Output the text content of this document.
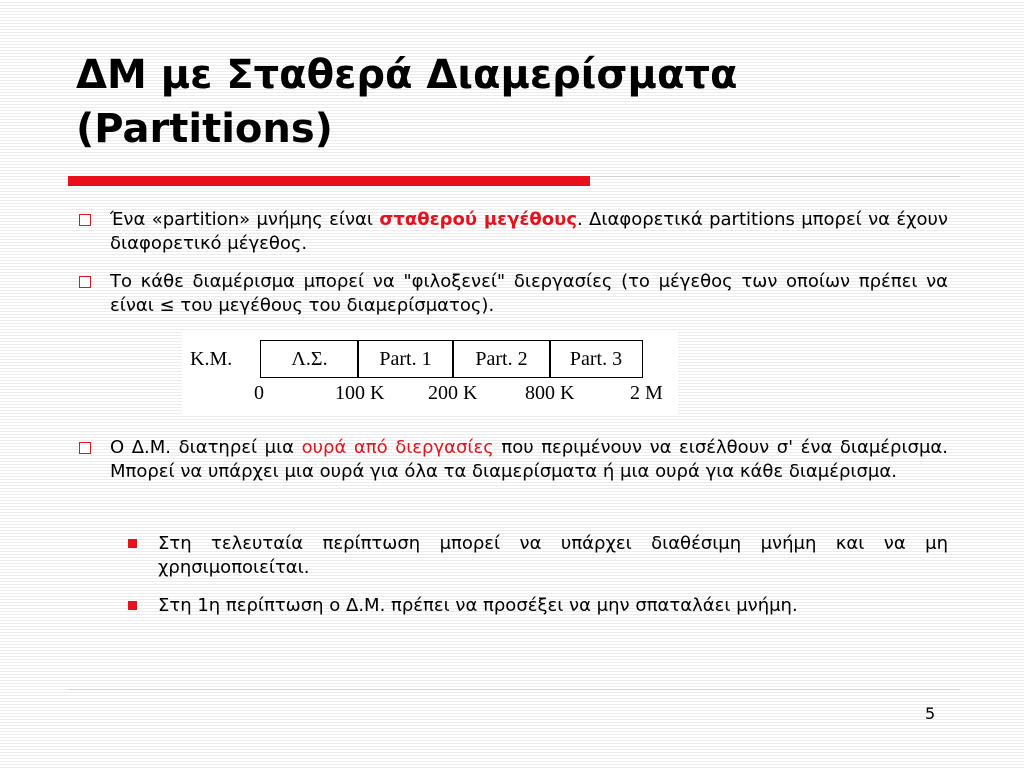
ΔΜ με Σταθερά Διαμερίσματα
(Partitions)
Ένα «partition» μνήμης είναι σταθερού μεγέθους. Διαφορετικά partitions μπορεί να έχουν διαφορετικό μέγεθος.
Το κάθε διαμέρισμα μπορεί να "φιλοξενεί" διεργασίες (το μέγεθος των οποίων πρέπει να είναι ≤ του μεγέθους του διαμερίσματος).
K.M.	Λ.Σ.	Part. 1	Part. 2	Part. 3
0	100 K 200 K 800 K	2 M
Ο Δ.Μ. διατηρεί μια ουρά από διεργασίες που περιμένουν να εισέλθουν σ' ένα διαμέρισμα. Μπορεί να υπάρχει μια ουρά για όλα τα διαμερίσματα ή μια ουρά για κάθε διαμέρισμα.
Στη τελευταία περίπτωση μπορεί να υπάρχει διαθέσιμη μνήμη και να μη χρησιμοποιείται.
Στη 1η περίπτωση ο Δ.Μ. πρέπει να προσέξει να μην σπαταλάει μνήμη.
5
